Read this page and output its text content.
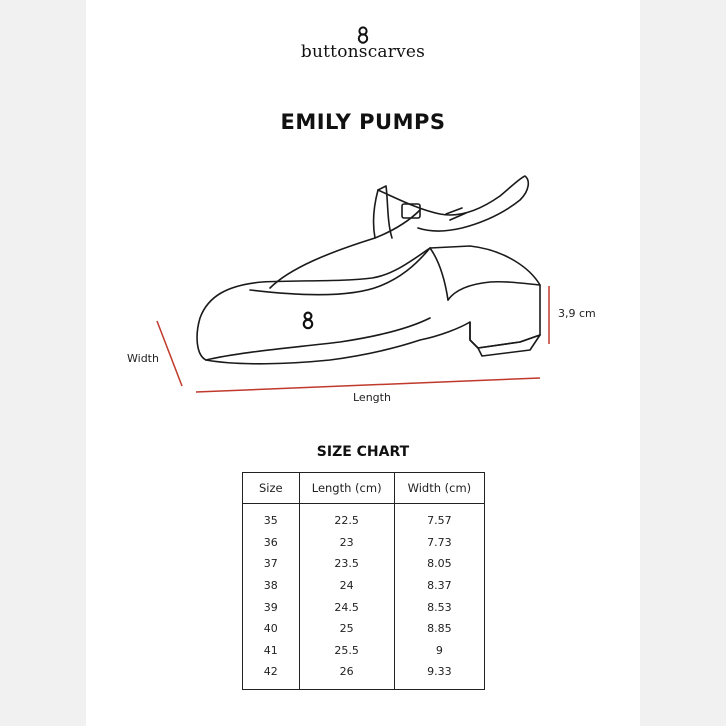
buttonscarves
EMILY PUMPS
Width
Length
3,9 cm
SIZE CHART
Size	Length (cm)	Width (cm)
35	22.5	7.57
36	23	7.73
37	23.5	8.05
38	24	8.37
39	24.5	8.53
40	25	8.85
41	25.5	9
42	26	9.33
